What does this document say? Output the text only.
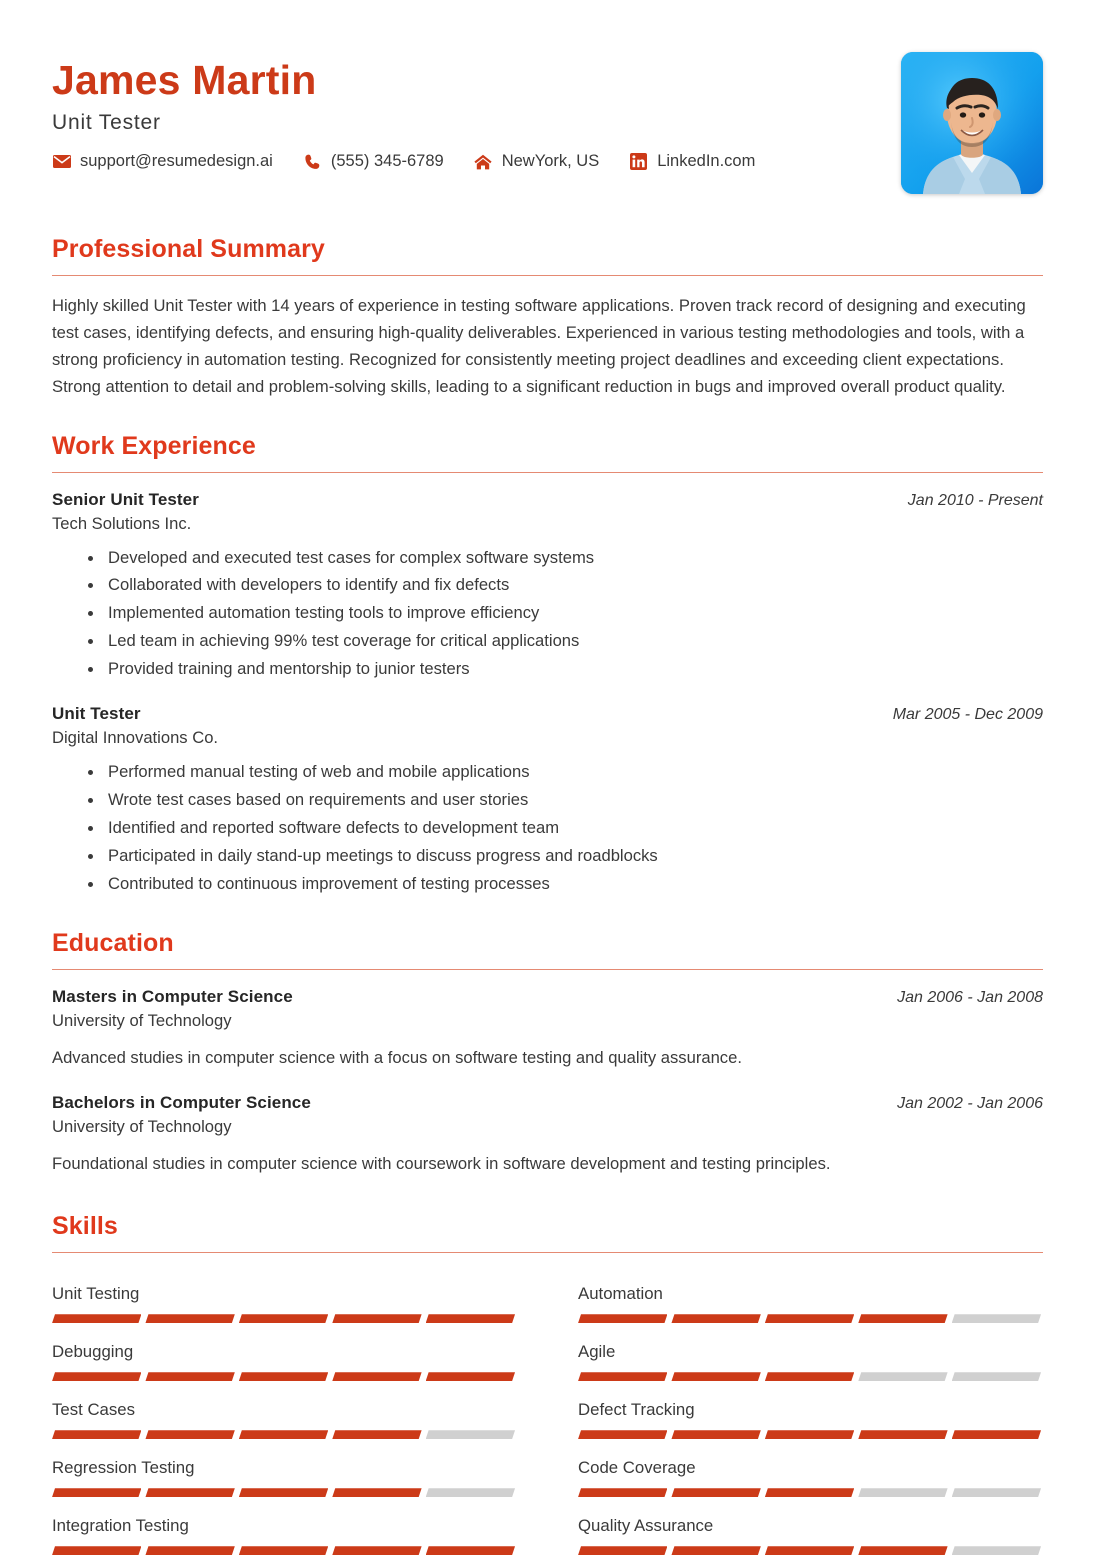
James Martin
Unit Tester
support@resumedesign.ai	(555) 345-6789	NewYork, US	LinkedIn.com
Professional Summary
Highly skilled Unit Tester with 14 years of experience in testing software applications. Proven track record of designing and executing test cases, identifying defects, and ensuring high-quality deliverables. Experienced in various testing methodologies and tools, with a strong proficiency in automation testing. Recognized for consistently meeting project deadlines and exceeding client expectations. Strong attention to detail and problem-solving skills, leading to a significant reduction in bugs and improved overall product quality.
Work Experience
Senior Unit Tester	Jan 2010 - Present
Tech Solutions Inc.
Developed and executed test cases for complex software systems
Collaborated with developers to identify and fix defects
Implemented automation testing tools to improve efficiency
Led team in achieving 99% test coverage for critical applications
Provided training and mentorship to junior testers
Unit Tester	Mar 2005 - Dec 2009
Digital Innovations Co.
Performed manual testing of web and mobile applications
Wrote test cases based on requirements and user stories
Identified and reported software defects to development team
Participated in daily stand-up meetings to discuss progress and roadblocks
Contributed to continuous improvement of testing processes
Education
Masters in Computer Science	Jan 2006 - Jan 2008
University of Technology
Advanced studies in computer science with a focus on software testing and quality assurance.
Bachelors in Computer Science	Jan 2002 - Jan 2006
University of Technology
Foundational studies in computer science with coursework in software development and testing principles.
Skills
Unit Testing	Automation
Debugging	Agile
Test Cases	Defect Tracking
Regression Testing	Code Coverage
Integration Testing	Quality Assurance
